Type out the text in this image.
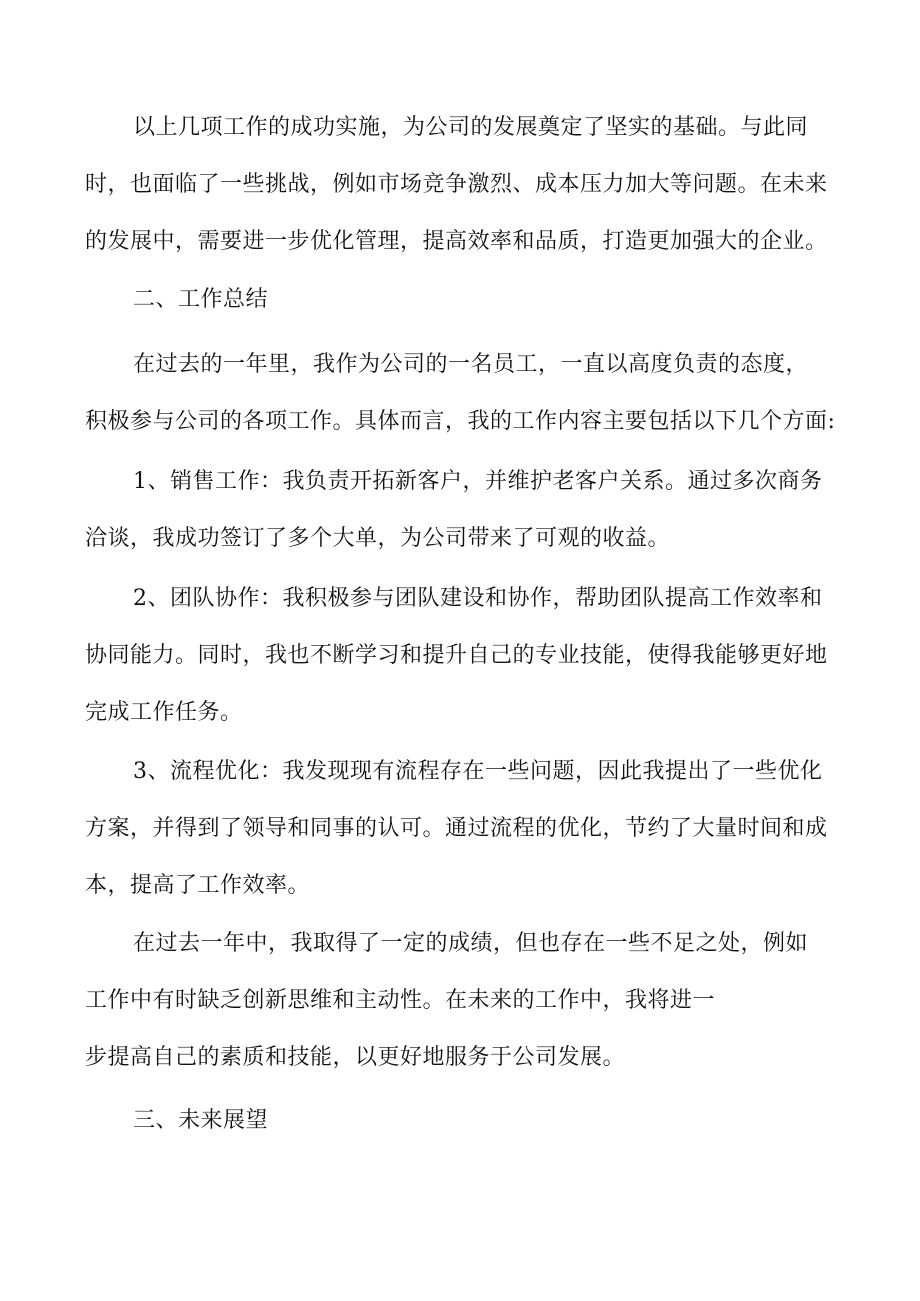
以上几项工作的成功实施，为公司的发展奠定了坚实的基础。与此同
时，也面临了一些挑战，例如市场竞争激烈、成本压力加大等问题。在未来
的发展中，需要进一步优化管理，提高效率和品质，打造更加强大的企业。

二、工作总结

在过去的一年里，我作为公司的一名员工，一直以高度负责的态度，
积极参与公司的各项工作。具体而言，我的工作内容主要包括以下几个方面:

1、销售工作：我负责开拓新客户，并维护老客户关系。通过多次商务
洽谈，我成功签订了多个大单，为公司带来了可观的收益。

2、团队协作：我积极参与团队建设和协作，帮助团队提高工作效率和
协同能力。同时，我也不断学习和提升自己的专业技能，使得我能够更好地
完成工作任务。

3、流程优化：我发现现有流程存在一些问题，因此我提出了一些优化
方案，并得到了领导和同事的认可。通过流程的优化，节约了大量时间和成
本，提高了工作效率。

在过去一年中，我取得了一定的成绩，但也存在一些不足之处，例如
工作中有时缺乏创新思维和主动性。在未来的工作中，我将进一
步提高自己的素质和技能，以更好地服务于公司发展。

三、未来展望
